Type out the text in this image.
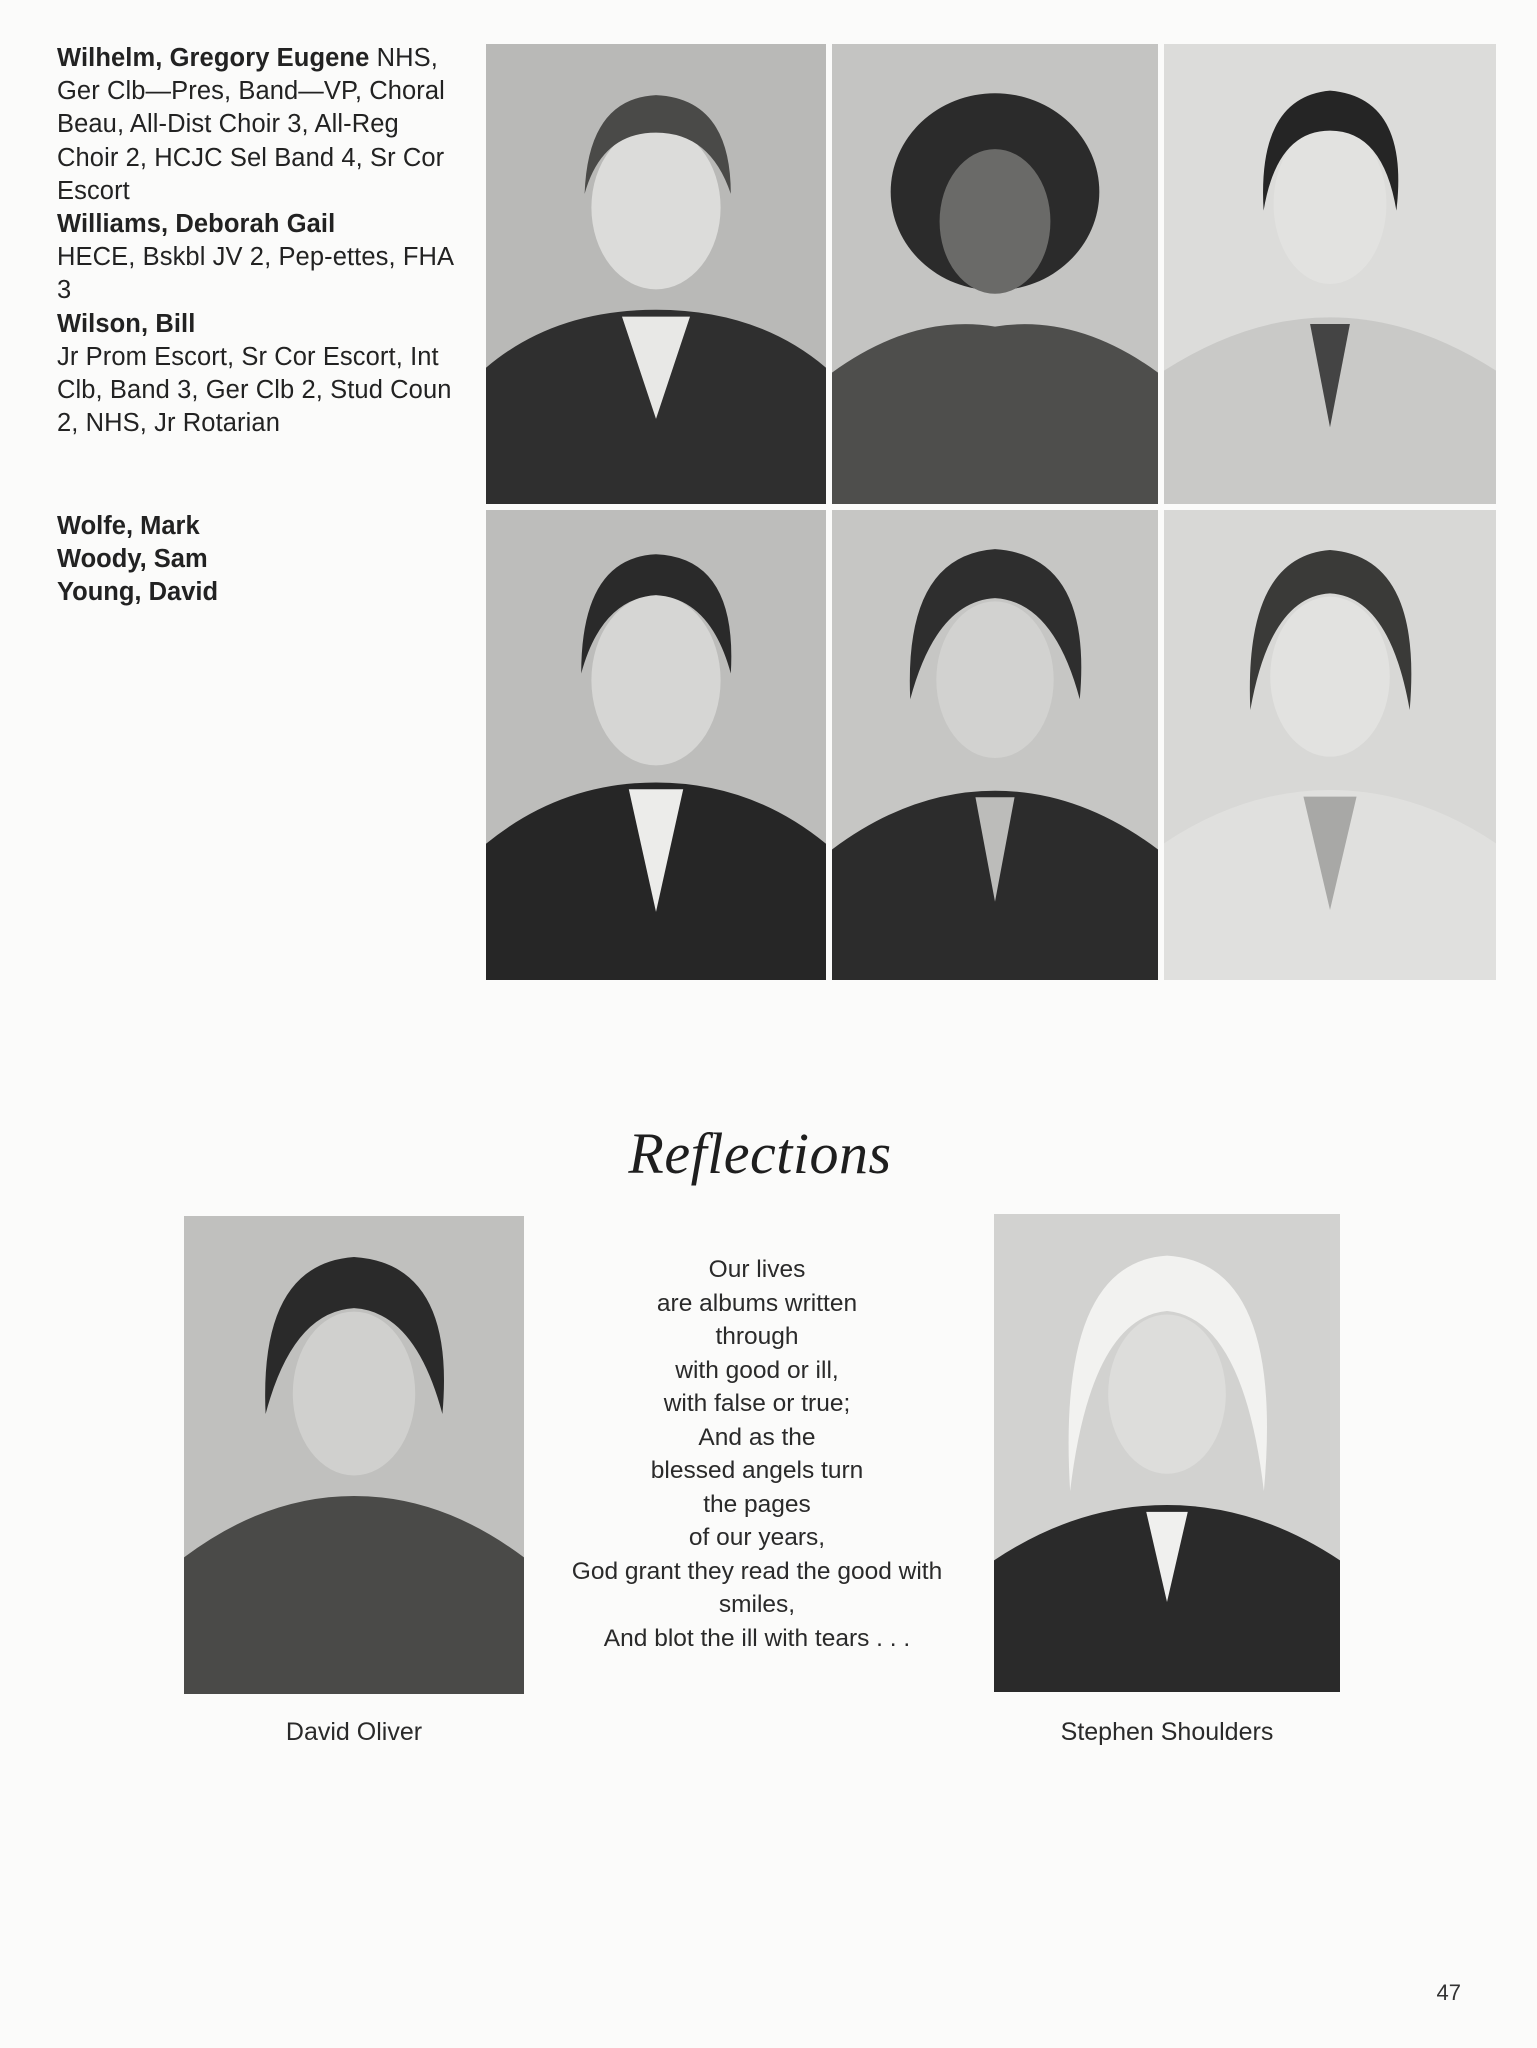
Wilhelm, Gregory Eugene NHS, Ger Clb—Pres, Band—VP, Choral Beau, All-Dist Choir 3, All-Reg Choir 2, HCJC Sel Band 4, Sr Cor Escort

Williams, Deborah Gail
HECE, Bskbl JV 2, Pep-ettes, FHA 3

Wilson, Bill
Jr Prom Escort, Sr Cor Escort, Int Clb, Band 3, Ger Clb 2, Stud Coun 2, NHS, Jr Rotarian

Wolfe, Mark
Woody, Sam
Young, David
Reflections
Our lives
are albums written
through
with good or ill,
with false or true;
And as the
blessed angels turn
the pages
of our years,
God grant they read the good with
smiles,
And blot the ill with tears . . .
David Oliver	Stephen Shoulders
47
